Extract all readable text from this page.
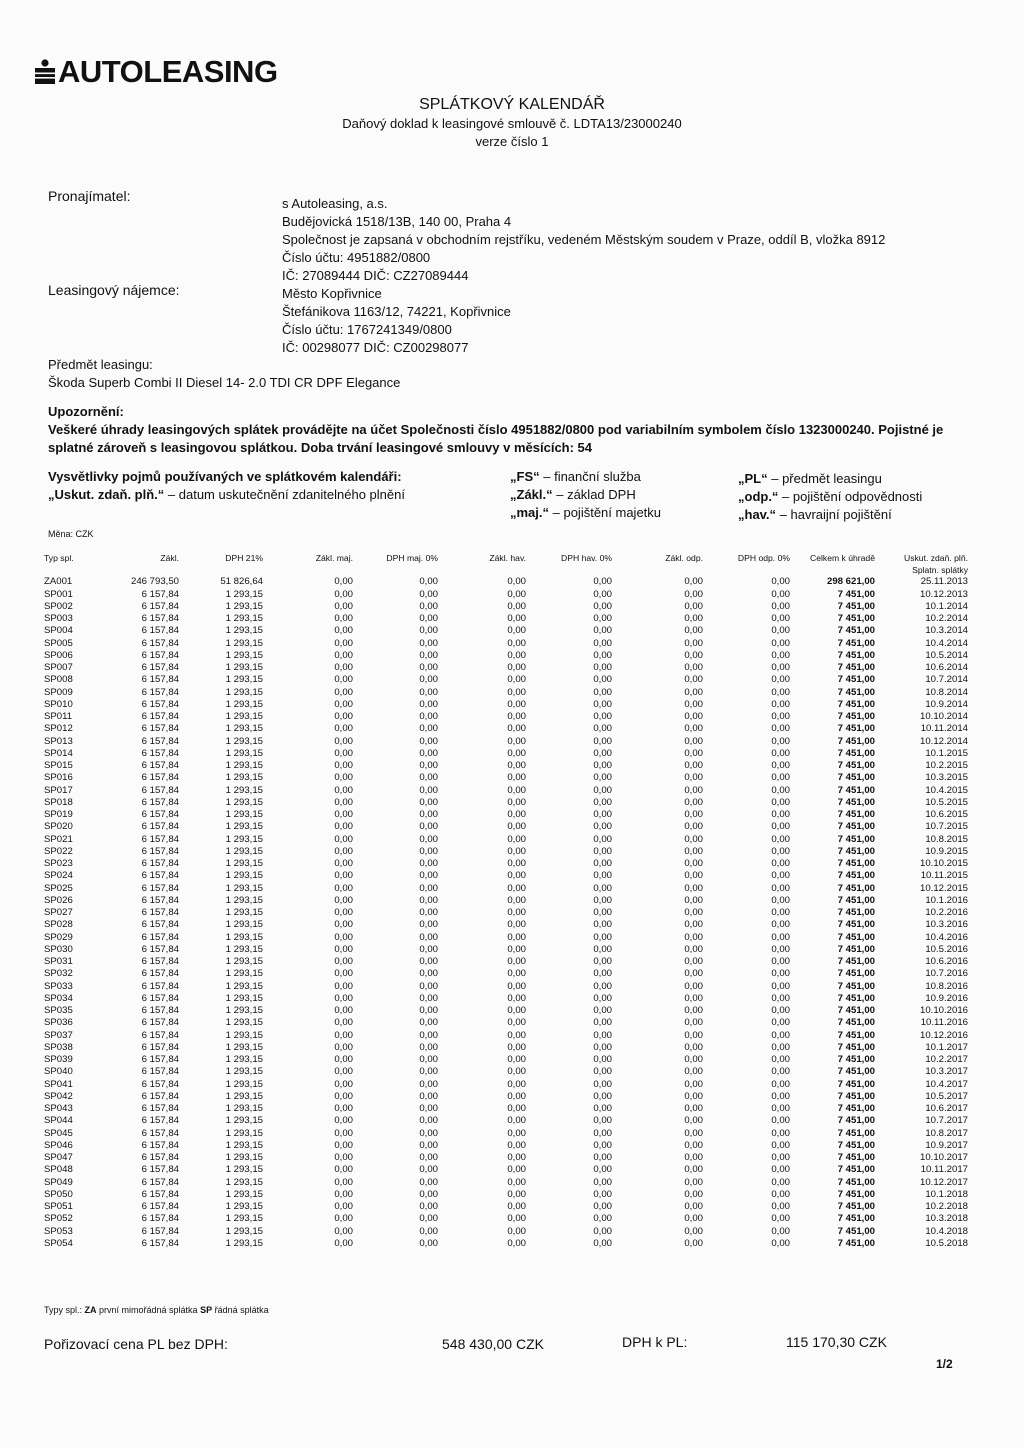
AUTOLEASING
SPLÁTKOVÝ KALENDÁŘ
Daňový doklad k leasingové smlouvě č. LDTA13/23000240
verze číslo 1
Pronajímatel:	s Autoleasing, a.s.
Budějovická 1518/13B, 140 00, Praha 4
Společnost je zapsaná v obchodním rejstříku, vedeném Městským soudem v Praze, oddíl B, vložka 8912
Číslo účtu: 4951882/0800
IČ: 27089444 DIČ: CZ27089444
Leasingový nájemce:	Město Kopřivnice
Štefánikova 1163/12, 74221, Kopřivnice
Číslo účtu: 1767241349/0800
IČ: 00298077 DIČ: CZ00298077
Předmět leasingu:
Škoda Superb Combi II Diesel 14- 2.0 TDI CR DPF Elegance
Upozornění:
Veškeré úhrady leasingových splátek provádějte na účet Společnosti číslo 4951882/0800 pod variabilním symbolem číslo 1323000240. Pojistné je splatné zároveň s leasingovou splátkou. Doba trvání leasingové smlouvy v měsících: 54
Vysvětlivky pojmů používaných ve splátkovém kalendáři:
„Uskut. zdaň. plň.“ – datum uskutečnění zdanitelného plnění
„FS“ – finanční služba
„Zákl.“ – základ DPH
„maj.“ – pojištění majetku
„PL“ – předmět leasingu
„odp.“ – pojištění odpovědnosti
„hav.“ – havraijní pojištění
Měna: CZK
Typ spl.	Zákl.	DPH 21%	Zákl. maj.	DPH maj. 0%	Zákl. hav.	DPH hav. 0%	Zákl. odp.	DPH odp. 0%	Celkem k úhradě	Uskut. zdaň. plň.
										Splatn. splátky
ZA001	246 793,50	51 826,64	0,00	0,00	0,00	0,00	0,00	0,00	298 621,00	25.11.2013
SP001	6 157,84	1 293,15	0,00	0,00	0,00	0,00	0,00	0,00	7 451,00	10.12.2013
SP002	6 157,84	1 293,15	0,00	0,00	0,00	0,00	0,00	0,00	7 451,00	10.1.2014
SP003	6 157,84	1 293,15	0,00	0,00	0,00	0,00	0,00	0,00	7 451,00	10.2.2014
SP004	6 157,84	1 293,15	0,00	0,00	0,00	0,00	0,00	0,00	7 451,00	10.3.2014
SP005	6 157,84	1 293,15	0,00	0,00	0,00	0,00	0,00	0,00	7 451,00	10.4.2014
SP006	6 157,84	1 293,15	0,00	0,00	0,00	0,00	0,00	0,00	7 451,00	10.5.2014
SP007	6 157,84	1 293,15	0,00	0,00	0,00	0,00	0,00	0,00	7 451,00	10.6.2014
SP008	6 157,84	1 293,15	0,00	0,00	0,00	0,00	0,00	0,00	7 451,00	10.7.2014
SP009	6 157,84	1 293,15	0,00	0,00	0,00	0,00	0,00	0,00	7 451,00	10.8.2014
SP010	6 157,84	1 293,15	0,00	0,00	0,00	0,00	0,00	0,00	7 451,00	10.9.2014
SP011	6 157,84	1 293,15	0,00	0,00	0,00	0,00	0,00	0,00	7 451,00	10.10.2014
SP012	6 157,84	1 293,15	0,00	0,00	0,00	0,00	0,00	0,00	7 451,00	10.11.2014
SP013	6 157,84	1 293,15	0,00	0,00	0,00	0,00	0,00	0,00	7 451,00	10.12.2014
SP014	6 157,84	1 293,15	0,00	0,00	0,00	0,00	0,00	0,00	7 451,00	10.1.2015
SP015	6 157,84	1 293,15	0,00	0,00	0,00	0,00	0,00	0,00	7 451,00	10.2.2015
SP016	6 157,84	1 293,15	0,00	0,00	0,00	0,00	0,00	0,00	7 451,00	10.3.2015
SP017	6 157,84	1 293,15	0,00	0,00	0,00	0,00	0,00	0,00	7 451,00	10.4.2015
SP018	6 157,84	1 293,15	0,00	0,00	0,00	0,00	0,00	0,00	7 451,00	10.5.2015
SP019	6 157,84	1 293,15	0,00	0,00	0,00	0,00	0,00	0,00	7 451,00	10.6.2015
SP020	6 157,84	1 293,15	0,00	0,00	0,00	0,00	0,00	0,00	7 451,00	10.7.2015
SP021	6 157,84	1 293,15	0,00	0,00	0,00	0,00	0,00	0,00	7 451,00	10.8.2015
SP022	6 157,84	1 293,15	0,00	0,00	0,00	0,00	0,00	0,00	7 451,00	10.9.2015
SP023	6 157,84	1 293,15	0,00	0,00	0,00	0,00	0,00	0,00	7 451,00	10.10.2015
SP024	6 157,84	1 293,15	0,00	0,00	0,00	0,00	0,00	0,00	7 451,00	10.11.2015
SP025	6 157,84	1 293,15	0,00	0,00	0,00	0,00	0,00	0,00	7 451,00	10.12.2015
SP026	6 157,84	1 293,15	0,00	0,00	0,00	0,00	0,00	0,00	7 451,00	10.1.2016
SP027	6 157,84	1 293,15	0,00	0,00	0,00	0,00	0,00	0,00	7 451,00	10.2.2016
SP028	6 157,84	1 293,15	0,00	0,00	0,00	0,00	0,00	0,00	7 451,00	10.3.2016
SP029	6 157,84	1 293,15	0,00	0,00	0,00	0,00	0,00	0,00	7 451,00	10.4.2016
SP030	6 157,84	1 293,15	0,00	0,00	0,00	0,00	0,00	0,00	7 451,00	10.5.2016
SP031	6 157,84	1 293,15	0,00	0,00	0,00	0,00	0,00	0,00	7 451,00	10.6.2016
SP032	6 157,84	1 293,15	0,00	0,00	0,00	0,00	0,00	0,00	7 451,00	10.7.2016
SP033	6 157,84	1 293,15	0,00	0,00	0,00	0,00	0,00	0,00	7 451,00	10.8.2016
SP034	6 157,84	1 293,15	0,00	0,00	0,00	0,00	0,00	0,00	7 451,00	10.9.2016
SP035	6 157,84	1 293,15	0,00	0,00	0,00	0,00	0,00	0,00	7 451,00	10.10.2016
SP036	6 157,84	1 293,15	0,00	0,00	0,00	0,00	0,00	0,00	7 451,00	10.11.2016
SP037	6 157,84	1 293,15	0,00	0,00	0,00	0,00	0,00	0,00	7 451,00	10.12.2016
SP038	6 157,84	1 293,15	0,00	0,00	0,00	0,00	0,00	0,00	7 451,00	10.1.2017
SP039	6 157,84	1 293,15	0,00	0,00	0,00	0,00	0,00	0,00	7 451,00	10.2.2017
SP040	6 157,84	1 293,15	0,00	0,00	0,00	0,00	0,00	0,00	7 451,00	10.3.2017
SP041	6 157,84	1 293,15	0,00	0,00	0,00	0,00	0,00	0,00	7 451,00	10.4.2017
SP042	6 157,84	1 293,15	0,00	0,00	0,00	0,00	0,00	0,00	7 451,00	10.5.2017
SP043	6 157,84	1 293,15	0,00	0,00	0,00	0,00	0,00	0,00	7 451,00	10.6.2017
SP044	6 157,84	1 293,15	0,00	0,00	0,00	0,00	0,00	0,00	7 451,00	10.7.2017
SP045	6 157,84	1 293,15	0,00	0,00	0,00	0,00	0,00	0,00	7 451,00	10.8.2017
SP046	6 157,84	1 293,15	0,00	0,00	0,00	0,00	0,00	0,00	7 451,00	10.9.2017
SP047	6 157,84	1 293,15	0,00	0,00	0,00	0,00	0,00	0,00	7 451,00	10.10.2017
SP048	6 157,84	1 293,15	0,00	0,00	0,00	0,00	0,00	0,00	7 451,00	10.11.2017
SP049	6 157,84	1 293,15	0,00	0,00	0,00	0,00	0,00	0,00	7 451,00	10.12.2017
SP050	6 157,84	1 293,15	0,00	0,00	0,00	0,00	0,00	0,00	7 451,00	10.1.2018
SP051	6 157,84	1 293,15	0,00	0,00	0,00	0,00	0,00	0,00	7 451,00	10.2.2018
SP052	6 157,84	1 293,15	0,00	0,00	0,00	0,00	0,00	0,00	7 451,00	10.3.2018
SP053	6 157,84	1 293,15	0,00	0,00	0,00	0,00	0,00	0,00	7 451,00	10.4.2018
SP054	6 157,84	1 293,15	0,00	0,00	0,00	0,00	0,00	0,00	7 451,00	10.5.2018
Typy spl.: ZA první mimořádná splátka SP řádná splátka
Pořizovací cena PL bez DPH:	548 430,00 CZK	DPH k PL:	115 170,30 CZK
1/2
